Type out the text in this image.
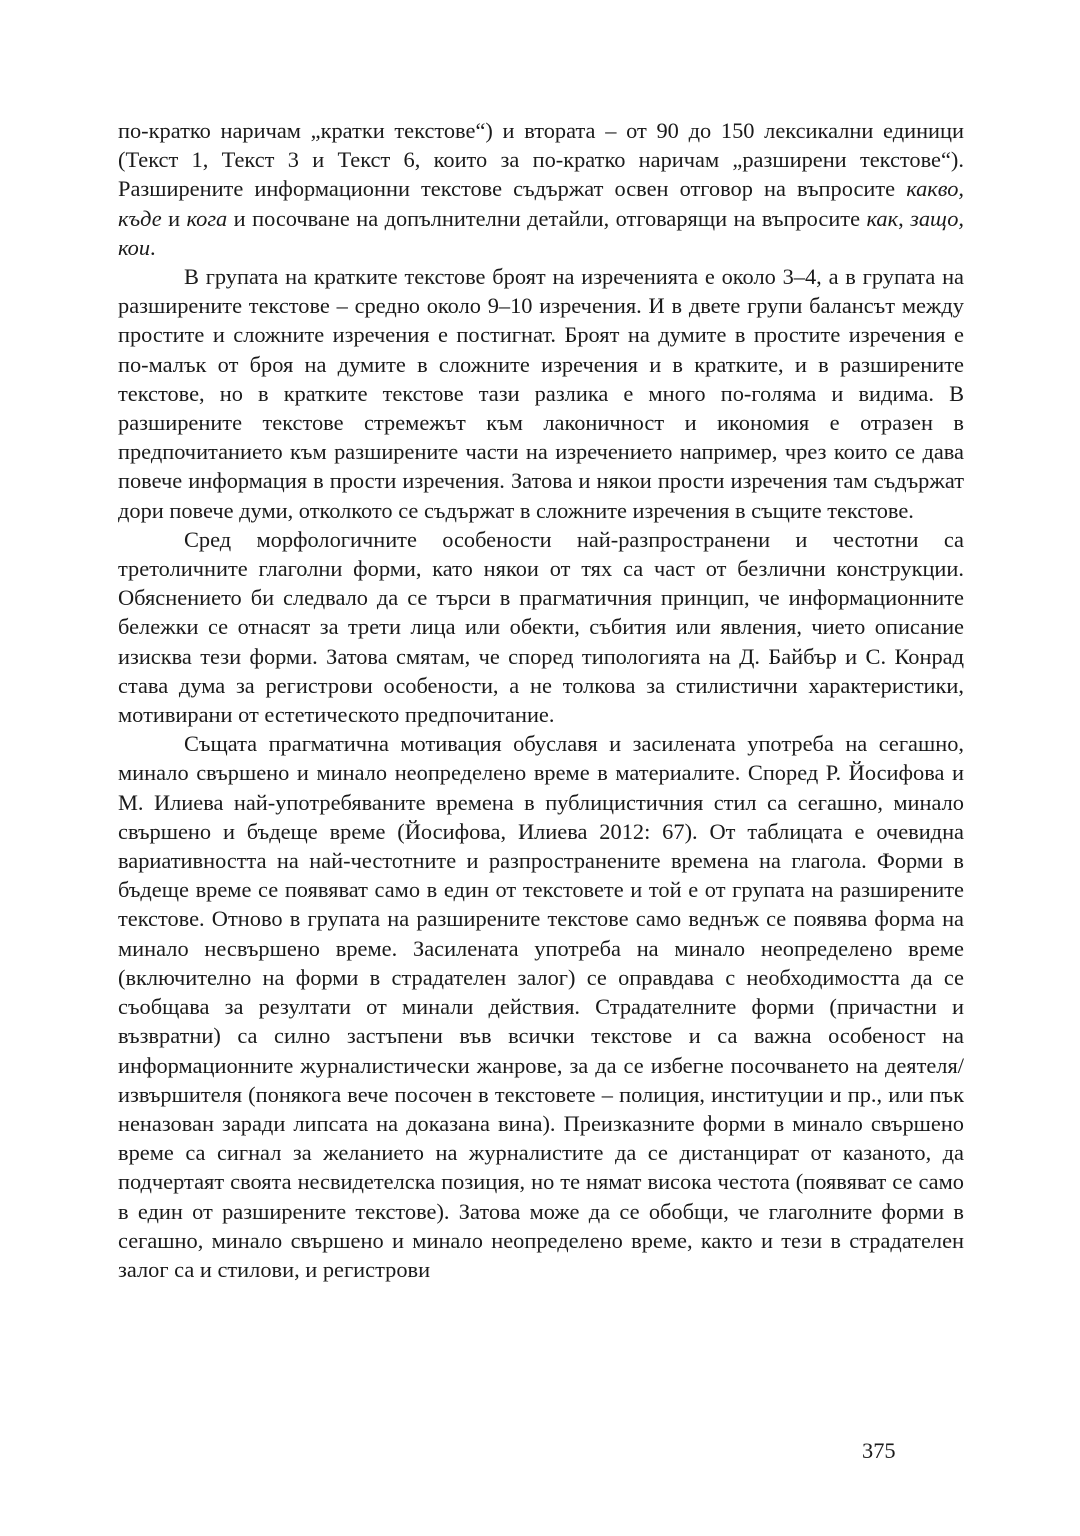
по-кратко наричам „кратки текстове“) и втората – от 90 до 150 лексикални единици (Текст 1, Текст 3 и Текст 6, които за по-кратко наричам „разширени текстове“). Разширените информационни текстове съдържат освен отговор на въпросите какво, къде и кога и посочване на допълнителни детайли, отговарящи на въпросите как, защо, кои.

В групата на кратките текстове броят на изреченията е около 3–4, а в групата на разширените текстове – средно около 9–10 изречения. И в двете групи балансът между простите и сложните изречения е постигнат. Броят на думите в простите изречения е по-малък от броя на думите в сложните изречения и в кратките, и в разширените текстове, но в кратките текстове тази разлика е много по-голяма и видима. В разширените текстове стремежът към лаконичност и икономия е отразен в предпочитанието към разширените части на изречението например, чрез които се дава повече информация в прости изречения. Затова и някои прости изречения там съдържат дори повече думи, отколкото се съдържат в сложните изречения в същите текстове.

Сред морфологичните особености най-разпространени и честотни са третоличните глаголни форми, като някои от тях са част от безлични конструкции. Обяснението би следвало да се търси в прагматичния принцип, че информационните бележки се отнасят за трети лица или обекти, събития или явления, чието описание изисква тези форми. Затова смятам, че според типологията на Д. Байбър и С. Конрад става дума за регистрови особености, а не толкова за стилистични характеристики, мотивирани от естетическото предпочитание.

Същата прагматична мотивация обуславя и засилената употреба на сегашно, минало свършено и минало неопределено време в материалите. Според Р. Йосифова и М. Илиева най-употребяваните времена в публицистичния стил са сегашно, минало свършено и бъдеще време (Йосифова, Илиева 2012: 67). От таблицата е очевидна вариативността на най-честотните и разпространените времена на глагола. Форми в бъдеще време се появяват само в един от текстовете и той е от групата на разширените текстове. Отново в групата на разширените текстове само веднъж се появява форма на минало несвършено време. Засилената употреба на минало неопределено време (включително на форми в страдателен залог) се оправдава с необходимостта да се съобщава за резултати от минали действия. Страдателните форми (причастни и възвратни) са силно застъпени във всички текстове и са важна особеност на информационните журналистически жанрове, за да се избегне посочването на деятеля/ извършителя (понякога вече посочен в текстовете – полиция, институции и пр., или пък неназован заради липсата на доказана вина). Преизказните форми в минало свършено време са сигнал за желанието на журналистите да се дистанцират от казаното, да подчертаят своята несвидетелска позиция, но те нямат висока честота (появяват се само в един от разширените текстове). Затова може да се обобщи, че глаголните форми в сегашно, минало свършено и минало неопределено време, както и тези в страдателен залог са и стилови, и регистрови

375
